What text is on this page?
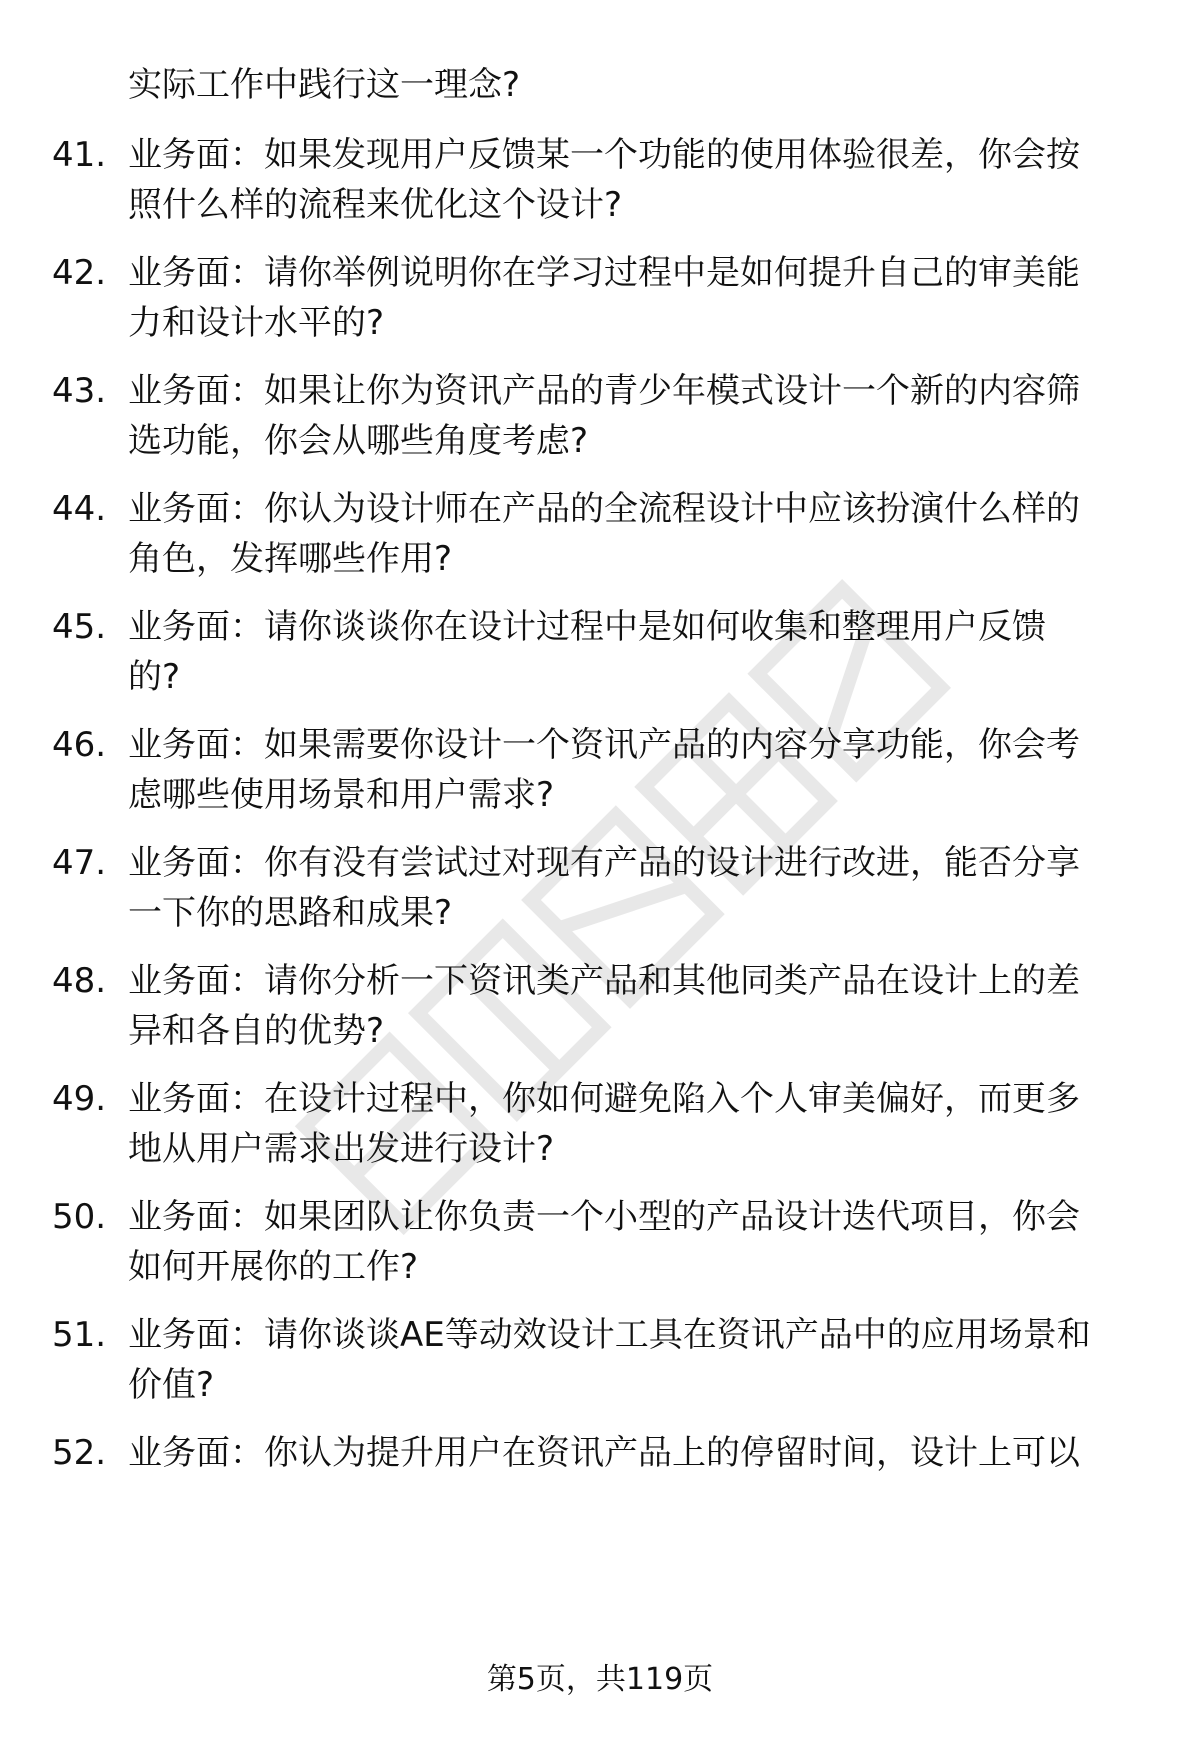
实际工作中践行这一理念?
41. 业务面：如果发现用户反馈某一个功能的使用体验很差，你会按
照什么样的流程来优化这个设计?
42. 业务面：请你举例说明你在学习过程中是如何提升自己的审美能
力和设计水平的?
43. 业务面：如果让你为资讯产品的青少年模式设计一个新的内容筛
选功能，你会从哪些角度考虑?
44. 业务面：你认为设计师在产品的全流程设计中应该扮演什么样的
角色，发挥哪些作用?
45. 业务面：请你谈谈你在设计过程中是如何收集和整理用户反馈
的?
46. 业务面：如果需要你设计一个资讯产品的内容分享功能，你会考
虑哪些使用场景和用户需求?
47. 业务面：你有没有尝试过对现有产品的设计进行改进，能否分享
一下你的思路和成果?
48. 业务面：请你分析一下资讯类产品和其他同类产品在设计上的差
异和各自的优势?
49. 业务面：在设计过程中，你如何避免陷入个人审美偏好，而更多
地从用户需求出发进行设计?
50. 业务面：如果团队让你负责一个小型的产品设计迭代项目，你会
如何开展你的工作?
51. 业务面：请你谈谈AE等动效设计工具在资讯产品中的应用场景和
价值?
52. 业务面：你认为提升用户在资讯产品上的停留时间，设计上可以
第5页，共119页
